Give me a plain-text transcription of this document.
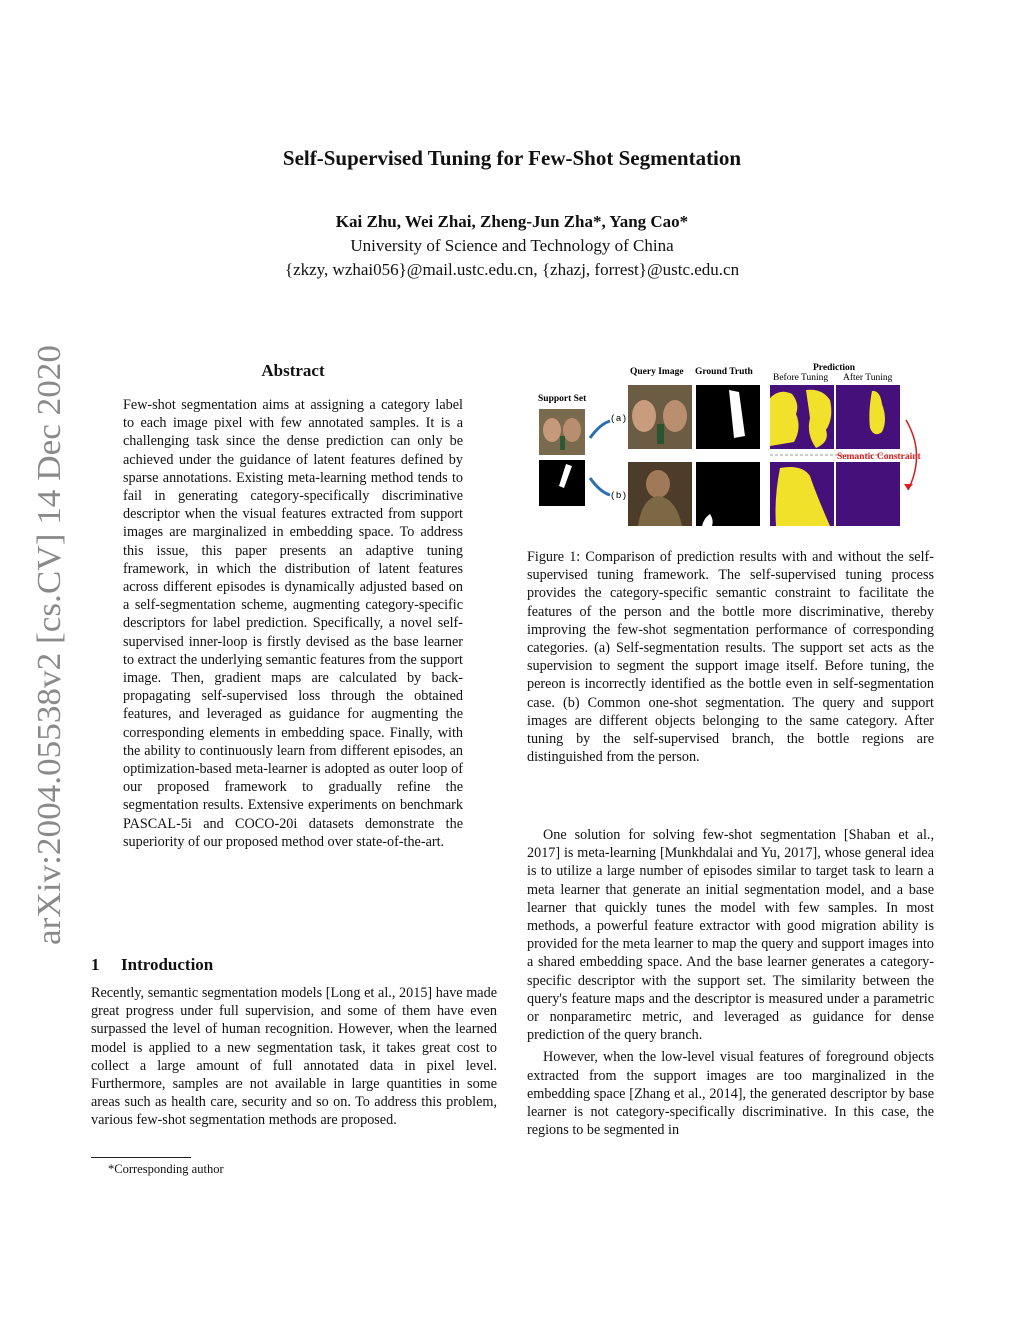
arXiv:2004.05538v2 [cs.CV] 14 Dec 2020
Self-Supervised Tuning for Few-Shot Segmentation
Kai Zhu, Wei Zhai, Zheng-Jun Zha*, Yang Cao*
University of Science and Technology of China
{zkzy, wzhai056}@mail.ustc.edu.cn, {zhazj, forrest}@ustc.edu.cn
Abstract
Few-shot segmentation aims at assigning a category label to each image pixel with few annotated samples. It is a challenging task since the dense prediction can only be achieved under the guidance of latent features defined by sparse annotations. Existing meta-learning method tends to fail in generating category-specifically discriminative descriptor when the visual features extracted from support images are marginalized in embedding space. To address this issue, this paper presents an adaptive tuning framework, in which the distribution of latent features across different episodes is dynamically adjusted based on a self-segmentation scheme, augmenting category-specific descriptors for label prediction. Specifically, a novel self-supervised inner-loop is firstly devised as the base learner to extract the underlying semantic features from the support image. Then, gradient maps are calculated by back-propagating self-supervised loss through the obtained features, and leveraged as guidance for augmenting the corresponding elements in embedding space. Finally, with the ability to continuously learn from different episodes, an optimization-based meta-learner is adopted as outer loop of our proposed framework to gradually refine the segmentation results. Extensive experiments on benchmark PASCAL-5i and COCO-20i datasets demonstrate the superiority of our proposed method over state-of-the-art.
1 Introduction
Recently, semantic segmentation models [Long et al., 2015] have made great progress under full supervision, and some of them have even surpassed the level of human recognition. However, when the learned model is applied to a new segmentation task, it takes great cost to collect a large amount of full annotated data in pixel level. Furthermore, samples are not available in large quantities in some areas such as health care, security and so on. To address this problem, various few-shot segmentation methods are proposed.
*Corresponding author
Query Image Ground Truth	Prediction
Before Tuning After Tuning
Support Set
(a)
(b)
Semantic Constraint
Figure 1: Comparison of prediction results with and without the self-supervised tuning framework. The self-supervised tuning process provides the category-specific semantic constraint to facilitate the features of the person and the bottle more discriminative, thereby improving the few-shot segmentation performance of corresponding categories. (a) Self-segmentation results. The support set acts as the supervision to segment the support image itself. Before tuning, the pereon is incorrectly identified as the bottle even in self-segmentation case. (b) Common one-shot segmentation. The query and support images are different objects belonging to the same category. After tuning by the self-supervised branch, the bottle regions are distinguished from the person.

One solution for solving few-shot segmentation [Shaban et al., 2017] is meta-learning [Munkhdalai and Yu, 2017], whose general idea is to utilize a large number of episodes similar to target task to learn a meta learner that generate an initial segmentation model, and a base learner that quickly tunes the model with few samples. In most methods, a powerful feature extractor with good migration ability is provided for the meta learner to map the query and support images into a shared embedding space. And the base learner generates a category-specific descriptor with the support set. The similarity between the query's feature maps and the descriptor is measured under a parametric or nonparametirc metric, and leveraged as guidance for dense prediction of the query branch.

However, when the low-level visual features of foreground objects extracted from the support images are too marginalized in the embedding space [Zhang et al., 2014], the generated descriptor by base learner is not category-specifically discriminative. In this case, the regions to be segmented in
